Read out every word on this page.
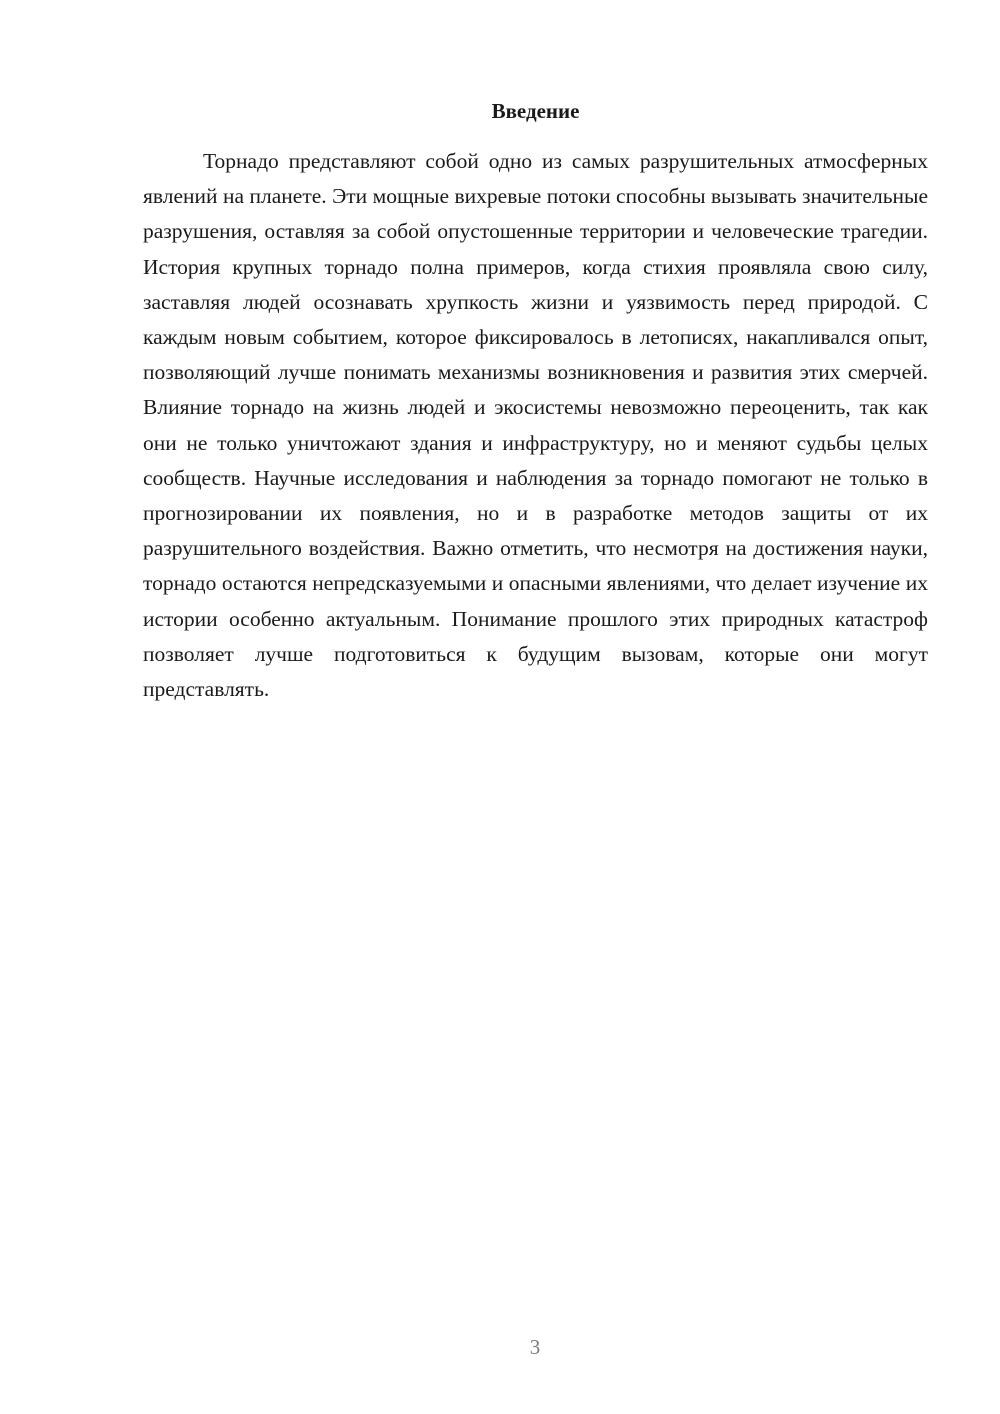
Введение

Торнадо представляют собой одно из самых разрушительных атмосферных явлений на планете. Эти мощные вихревые потоки способны вызывать значительные разрушения, оставляя за собой опустошенные территории и человеческие трагедии. История крупных торнадо полна примеров, когда стихия проявляла свою силу, заставляя людей осознавать хрупкость жизни и уязвимость перед природой. С каждым новым событием, которое фиксировалось в летописях, накапливался опыт, позволяющий лучше понимать механизмы возникновения и развития этих смерчей. Влияние торнадо на жизнь людей и экосистемы невозможно переоценить, так как они не только уничтожают здания и инфраструктуру, но и меняют судьбы целых сообществ. Научные исследования и наблюдения за торнадо помогают не только в прогнозировании их появления, но и в разработке методов защиты от их разрушительного воздействия. Важно отметить, что несмотря на достижения науки, торнадо остаются непредсказуемыми и опасными явлениями, что делает изучение их истории особенно актуальным. Понимание прошлого этих природных катастроф позволяет лучше подготовиться к будущим вызовам, которые они могут представлять.

3
